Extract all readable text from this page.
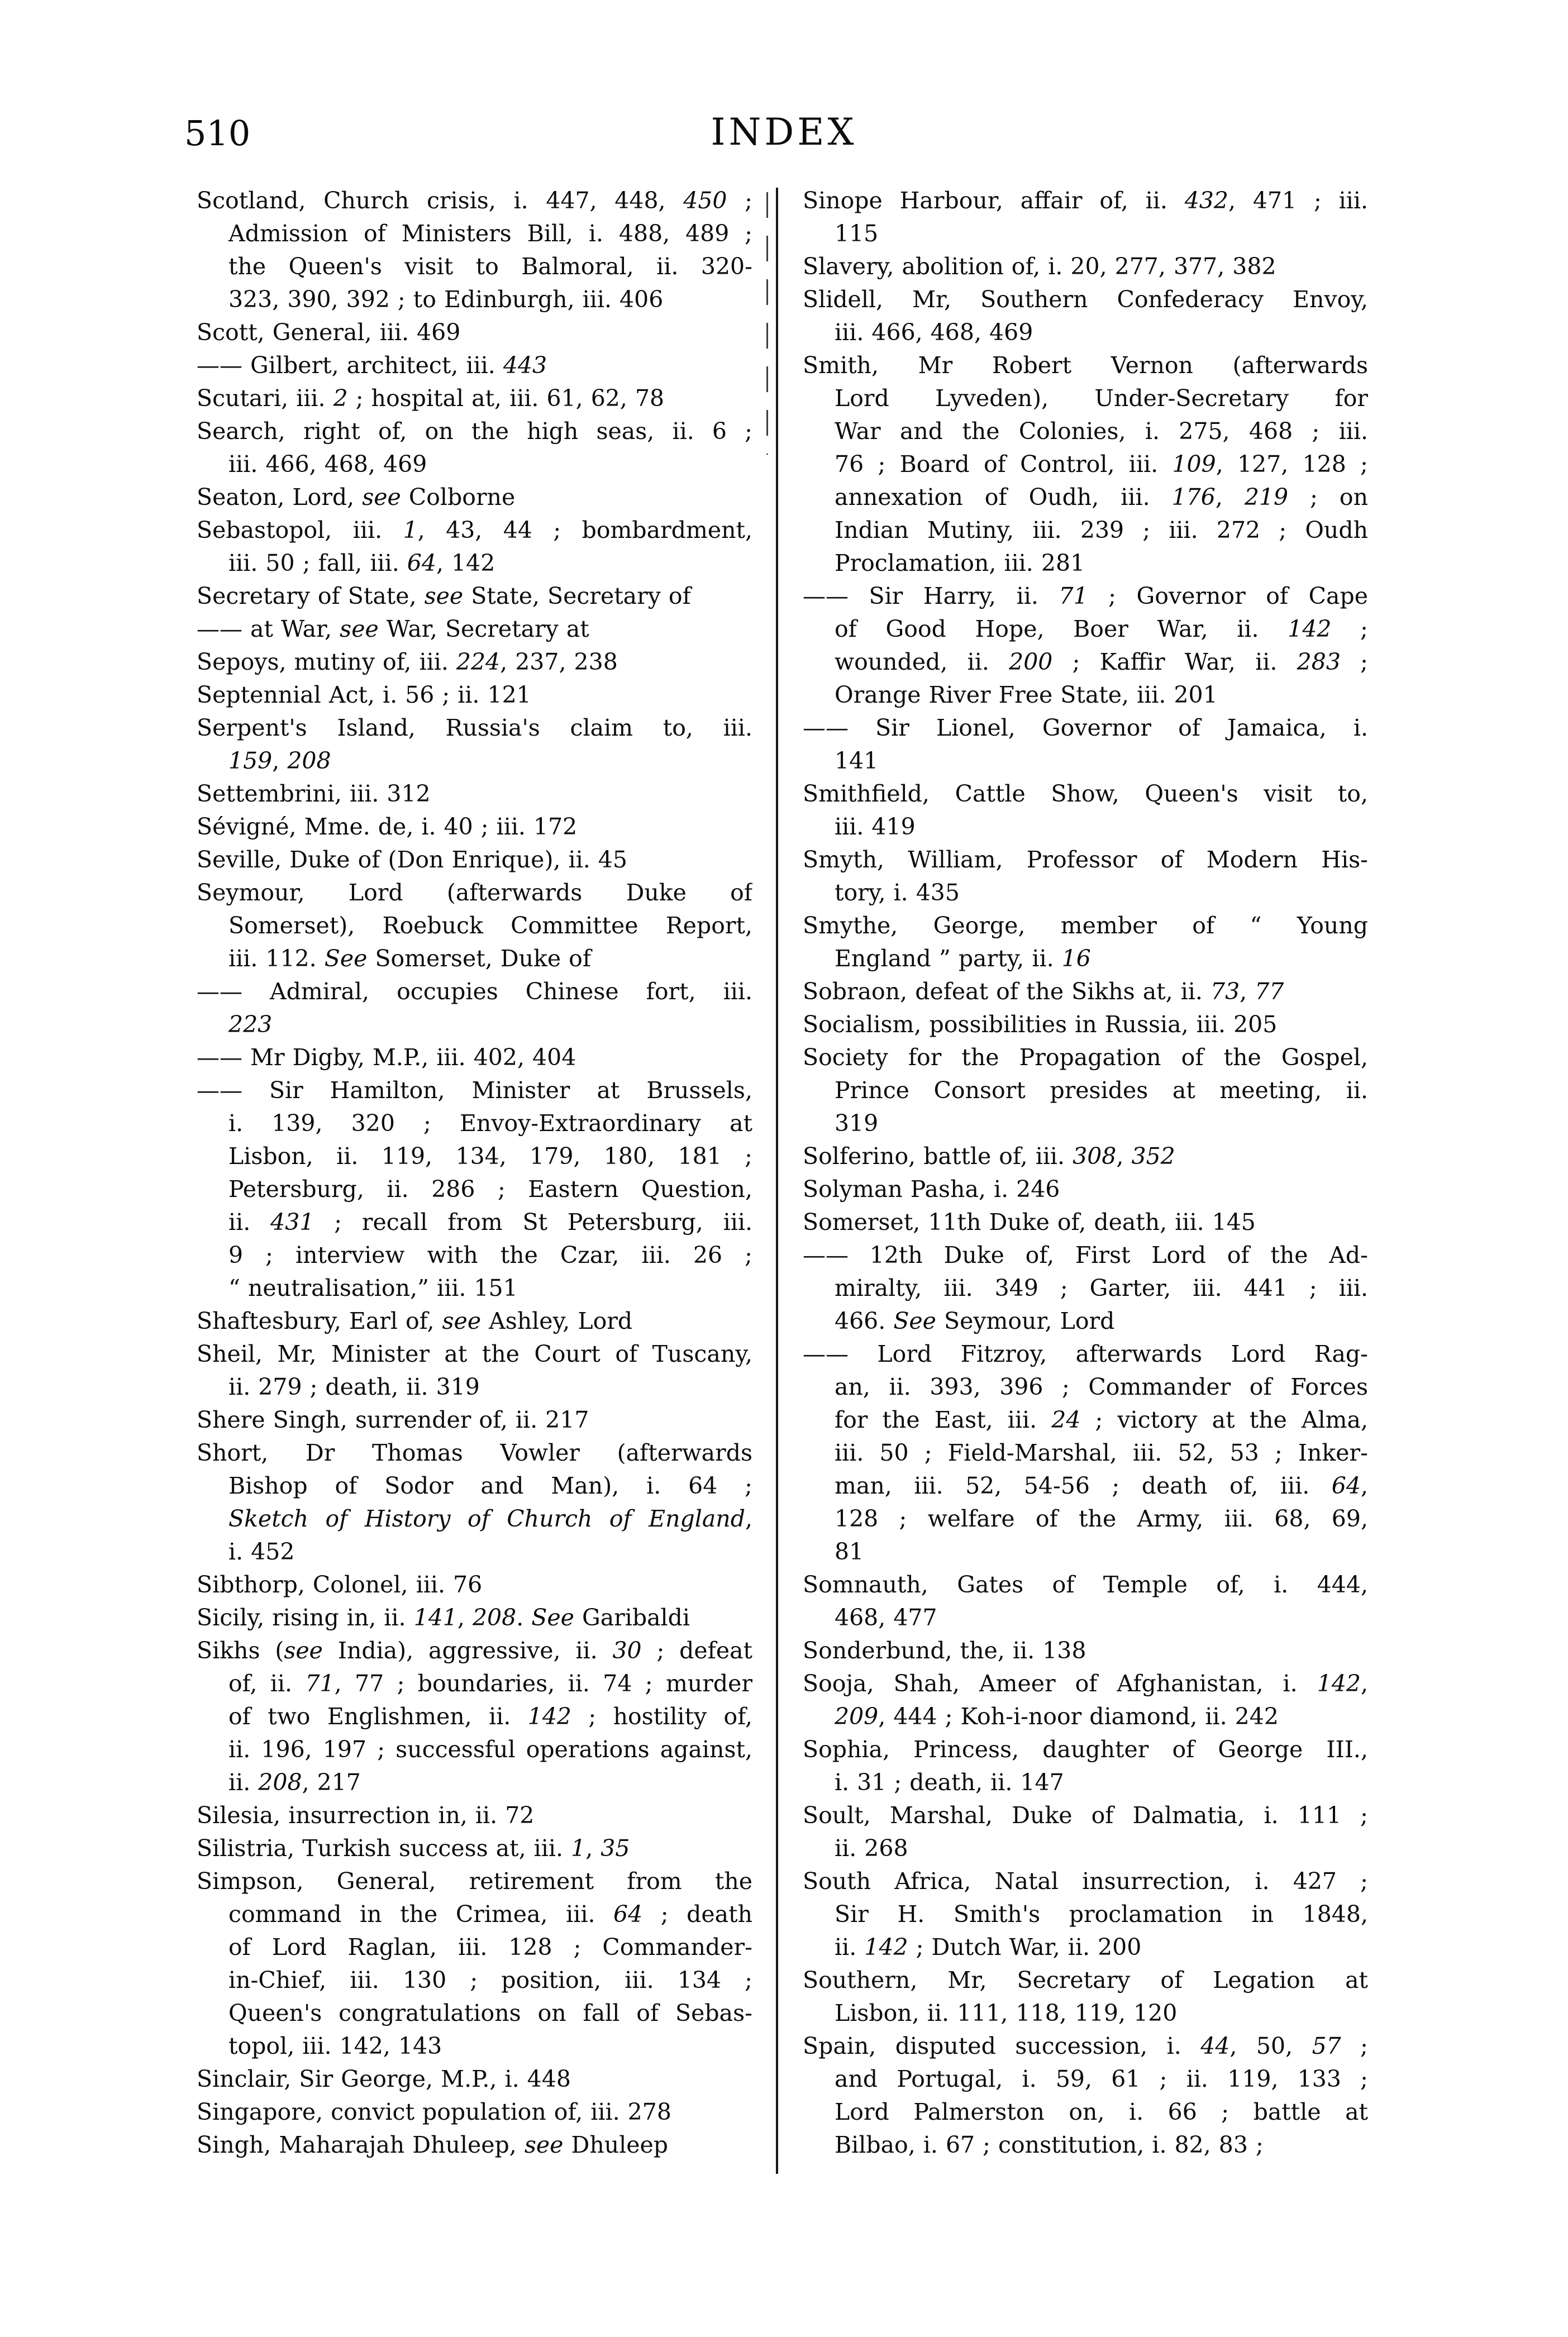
510	INDEX
Scotland, Church crisis, i. 447, 448, 450 ;
Admission of Ministers Bill, i. 488, 489 ;
the Queen's visit to Balmoral, ii. 320-
323, 390, 392 ; to Edinburgh, iii. 406
Scott, General, iii. 469
—— Gilbert, architect, iii. 443
Scutari, iii. 2 ; hospital at, iii. 61, 62, 78
Search, right of, on the high seas, ii. 6 ;
iii. 466, 468, 469
Seaton, Lord, see Colborne
Sebastopol, iii. 1, 43, 44 ; bombardment,
iii. 50 ; fall, iii. 64, 142
Secretary of State, see State, Secretary of
—— at War, see War, Secretary at
Sepoys, mutiny of, iii. 224, 237, 238
Septennial Act, i. 56 ; ii. 121
Serpent's Island, Russia's claim to, iii.
159, 208
Settembrini, iii. 312
Sévigné, Mme. de, i. 40 ; iii. 172
Seville, Duke of (Don Enrique), ii. 45
Seymour, Lord (afterwards Duke of
Somerset), Roebuck Committee Report,
iii. 112. See Somerset, Duke of
—— Admiral, occupies Chinese fort, iii.
223
—— Mr Digby, M.P., iii. 402, 404
—— Sir Hamilton, Minister at Brussels,
i. 139, 320 ; Envoy-Extraordinary at
Lisbon, ii. 119, 134, 179, 180, 181 ;
Petersburg, ii. 286 ; Eastern Question,
ii. 431 ; recall from St Petersburg, iii.
9 ; interview with the Czar, iii. 26 ;
“ neutralisation,” iii. 151
Shaftesbury, Earl of, see Ashley, Lord
Sheil, Mr, Minister at the Court of Tuscany,
ii. 279 ; death, ii. 319
Shere Singh, surrender of, ii. 217
Short, Dr Thomas Vowler (afterwards
Bishop of Sodor and Man), i. 64 ;
Sketch of History of Church of England,
i. 452
Sibthorp, Colonel, iii. 76
Sicily, rising in, ii. 141, 208. See Garibaldi
Sikhs (see India), aggressive, ii. 30 ; defeat
of, ii. 71, 77 ; boundaries, ii. 74 ; murder
of two Englishmen, ii. 142 ; hostility of,
ii. 196, 197 ; successful operations against,
ii. 208, 217
Silesia, insurrection in, ii. 72
Silistria, Turkish success at, iii. 1, 35
Simpson, General, retirement from the
command in the Crimea, iii. 64 ; death
of Lord Raglan, iii. 128 ; Commander-
in-Chief, iii. 130 ; position, iii. 134 ;
Queen's congratulations on fall of Sebas-
topol, iii. 142, 143
Sinclair, Sir George, M.P., i. 448
Singapore, convict population of, iii. 278
Singh, Maharajah Dhuleep, see Dhuleep
Sinope Harbour, affair of, ii. 432, 471 ; iii.
115
Slavery, abolition of, i. 20, 277, 377, 382
Slidell, Mr, Southern Confederacy Envoy,
iii. 466, 468, 469
Smith, Mr Robert Vernon (afterwards
Lord Lyveden), Under-Secretary for
War and the Colonies, i. 275, 468 ; iii.
76 ; Board of Control, iii. 109, 127, 128 ;
annexation of Oudh, iii. 176, 219 ; on
Indian Mutiny, iii. 239 ; iii. 272 ; Oudh
Proclamation, iii. 281
—— Sir Harry, ii. 71 ; Governor of Cape
of Good Hope, Boer War, ii. 142 ;
wounded, ii. 200 ; Kaffir War, ii. 283 ;
Orange River Free State, iii. 201
—— Sir Lionel, Governor of Jamaica, i.
141
Smithfield, Cattle Show, Queen's visit to,
iii. 419
Smyth, William, Professor of Modern His-
tory, i. 435
Smythe, George, member of “ Young
England ” party, ii. 16
Sobraon, defeat of the Sikhs at, ii. 73, 77
Socialism, possibilities in Russia, iii. 205
Society for the Propagation of the Gospel,
Prince Consort presides at meeting, ii.
319
Solferino, battle of, iii. 308, 352
Solyman Pasha, i. 246
Somerset, 11th Duke of, death, iii. 145
—— 12th Duke of, First Lord of the Ad-
miralty, iii. 349 ; Garter, iii. 441 ; iii.
466. See Seymour, Lord
—— Lord Fitzroy, afterwards Lord Rag-
an, ii. 393, 396 ; Commander of Forces
for the East, iii. 24 ; victory at the Alma,
iii. 50 ; Field-Marshal, iii. 52, 53 ; Inker-
man, iii. 52, 54-56 ; death of, iii. 64,
128 ; welfare of the Army, iii. 68, 69,
81
Somnauth, Gates of Temple of, i. 444,
468, 477
Sonderbund, the, ii. 138
Sooja, Shah, Ameer of Afghanistan, i. 142,
209, 444 ; Koh-i-noor diamond, ii. 242
Sophia, Princess, daughter of George III.,
i. 31 ; death, ii. 147
Soult, Marshal, Duke of Dalmatia, i. 111 ;
ii. 268
South Africa, Natal insurrection, i. 427 ;
Sir H. Smith's proclamation in 1848,
ii. 142 ; Dutch War, ii. 200
Southern, Mr, Secretary of Legation at
Lisbon, ii. 111, 118, 119, 120
Spain, disputed succession, i. 44, 50, 57 ;
and Portugal, i. 59, 61 ; ii. 119, 133 ;
Lord Palmerston on, i. 66 ; battle at
Bilbao, i. 67 ; constitution, i. 82, 83 ;
